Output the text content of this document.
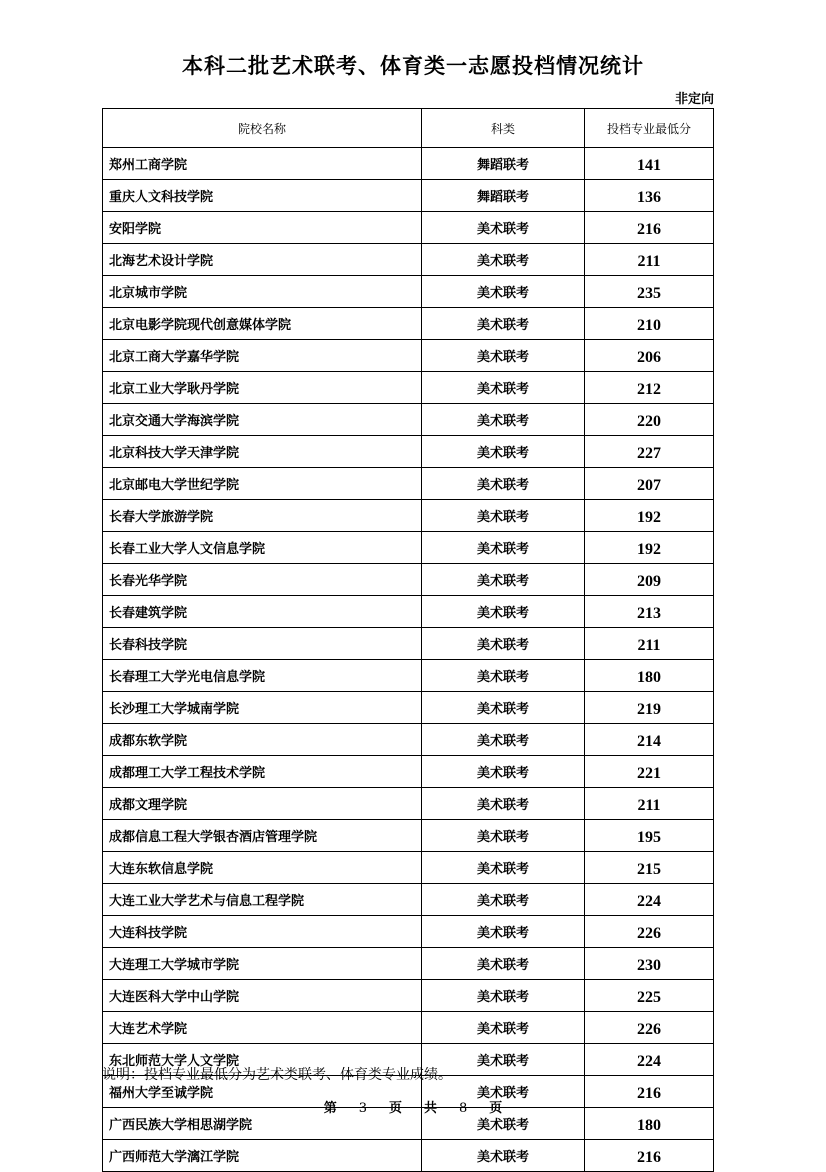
本科二批艺术联考、体育类一志愿投档情况统计
非定向
院校名称	科类	投档专业最低分
郑州工商学院	舞蹈联考	141
重庆人文科技学院	舞蹈联考	136
安阳学院	美术联考	216
北海艺术设计学院	美术联考	211
北京城市学院	美术联考	235
北京电影学院现代创意媒体学院	美术联考	210
北京工商大学嘉华学院	美术联考	206
北京工业大学耿丹学院	美术联考	212
北京交通大学海滨学院	美术联考	220
北京科技大学天津学院	美术联考	227
北京邮电大学世纪学院	美术联考	207
长春大学旅游学院	美术联考	192
长春工业大学人文信息学院	美术联考	192
长春光华学院	美术联考	209
长春建筑学院	美术联考	213
长春科技学院	美术联考	211
长春理工大学光电信息学院	美术联考	180
长沙理工大学城南学院	美术联考	219
成都东软学院	美术联考	214
成都理工大学工程技术学院	美术联考	221
成都文理学院	美术联考	211
成都信息工程大学银杏酒店管理学院	美术联考	195
大连东软信息学院	美术联考	215
大连工业大学艺术与信息工程学院	美术联考	224
大连科技学院	美术联考	226
大连理工大学城市学院	美术联考	230
大连医科大学中山学院	美术联考	225
大连艺术学院	美术联考	226
东北师范大学人文学院	美术联考	224
福州大学至诚学院	美术联考	216
广西民族大学相思湖学院	美术联考	180
广西师范大学漓江学院	美术联考	216
说明：投档专业最低分为艺术类联考、体育类专业成绩。
第 3 页 共 8 页
